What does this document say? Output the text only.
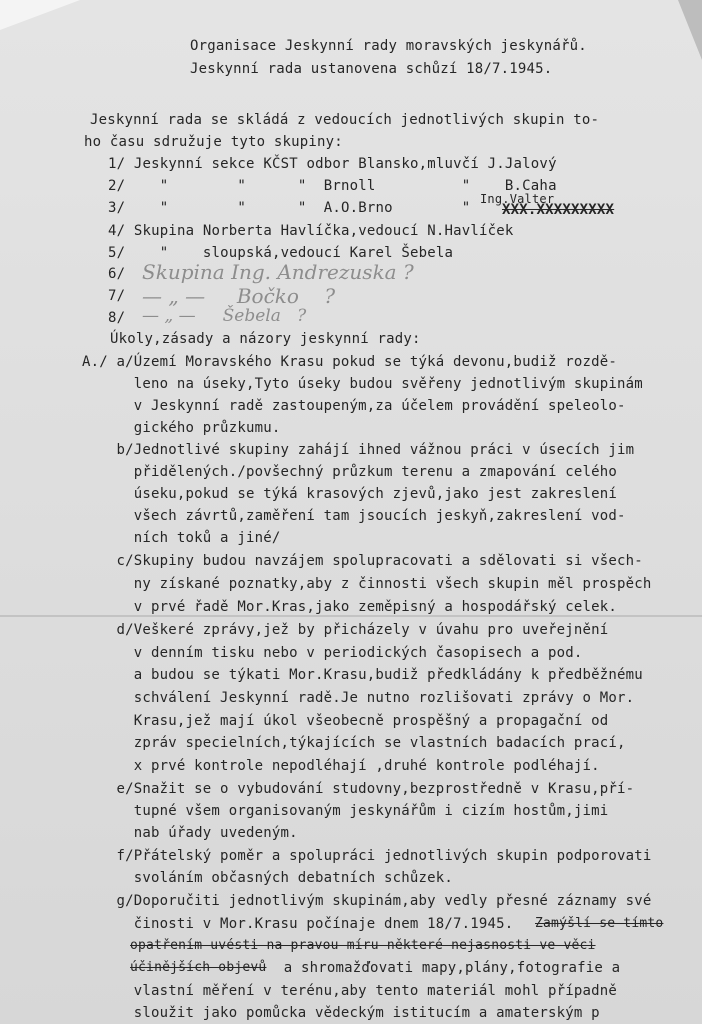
Organisace Jeskynní rady moravských jeskynářů.
Jeskynní rada ustanovena schůzí 18/7.1945.
Jeskynní rada se skládá z vedoucích jednotlivých skupin to-
ho času sdružuje tyto skupiny:
1/ Jeskynní sekce KČST odbor Blansko,mluvčí J.Jalový
2/    "        "      "  Brnoll          "    B.Caha
3/    "        "      "  A.O.Brno        "
Ing.Valter
XXX.XXXXXXXXX
4/ Skupina Norberta Havlíčka,vedoucí N.Havlíček
5/    "    sloupská,vedoucí Karel Šebela
6/
7/
8/
Skupina Ing. Andrezuska ?
— „ —     Bočko    ?
— „ —     Šebela   ?
Úkoly,zásady a názory jeskynní rady:
A./ a/Území Moravského Krasu pokud se týká devonu,budiž rozdě-
leno na úseky,Tyto úseky budou svěřeny jednotlivým skupinám
v Jeskynní radě zastoupeným,za účelem provádění speleolo-
gického průzkumu.
b/Jednotlivé skupiny zahájí ihned vážnou práci v úsecích jim
přidělených./povšechný průzkum terenu a zmapování celého
úseku,pokud se týká krasových zjevů,jako jest zakreslení
všech závrtů,zaměření tam jsoucích jeskyň,zakreslení vod-
ních toků a jiné/
c/Skupiny budou navzájem spolupracovati a sdělovati si všech-
ny získané poznatky,aby z činnosti všech skupin měl prospěch
v prvé řadě Mor.Kras,jako zeměpisný a hospodářský celek.
d/Veškeré zprávy,jež by přicházely v úvahu pro uveřejnění
v denním tisku nebo v periodických časopisech a pod.
a budou se týkati Mor.Krasu,budiž předkládány k předběžnému
schválení Jeskynní radě.Je nutno rozlišovati zprávy o Mor.
Krasu,jež mají úkol všeobecně prospěšný a propagační od
zpráv specielních,týkajících se vlastních badacích prací,
x prvé kontrole nepodléhají ,druhé kontrole podléhají.
e/Snažit se o vybudování studovny,bezprostředně v Krasu,pří-
tupné všem organisovaným jeskynářům i cizím hostům,jimi
nab úřady uvedeným.
f/Přátelský poměr a spolupráci jednotlivých skupin podporovati
svoláním občasných debatních schůzek.
g/Doporučiti jednotlivým skupinám,aby vedly přesné záznamy své
činosti v Mor.Krasu počínaje dnem 18/7.1945. Zamýšlí se tímto
opatřením uvésti na pravou míru některé nejasnosti ve věci
účinějších objevů
a shromažďovati mapy,plány,fotografie a
vlastní měření v terénu,aby tento materiál mohl případně
sloužit jako pomůcka vědeckým istitucím a amaterským p
